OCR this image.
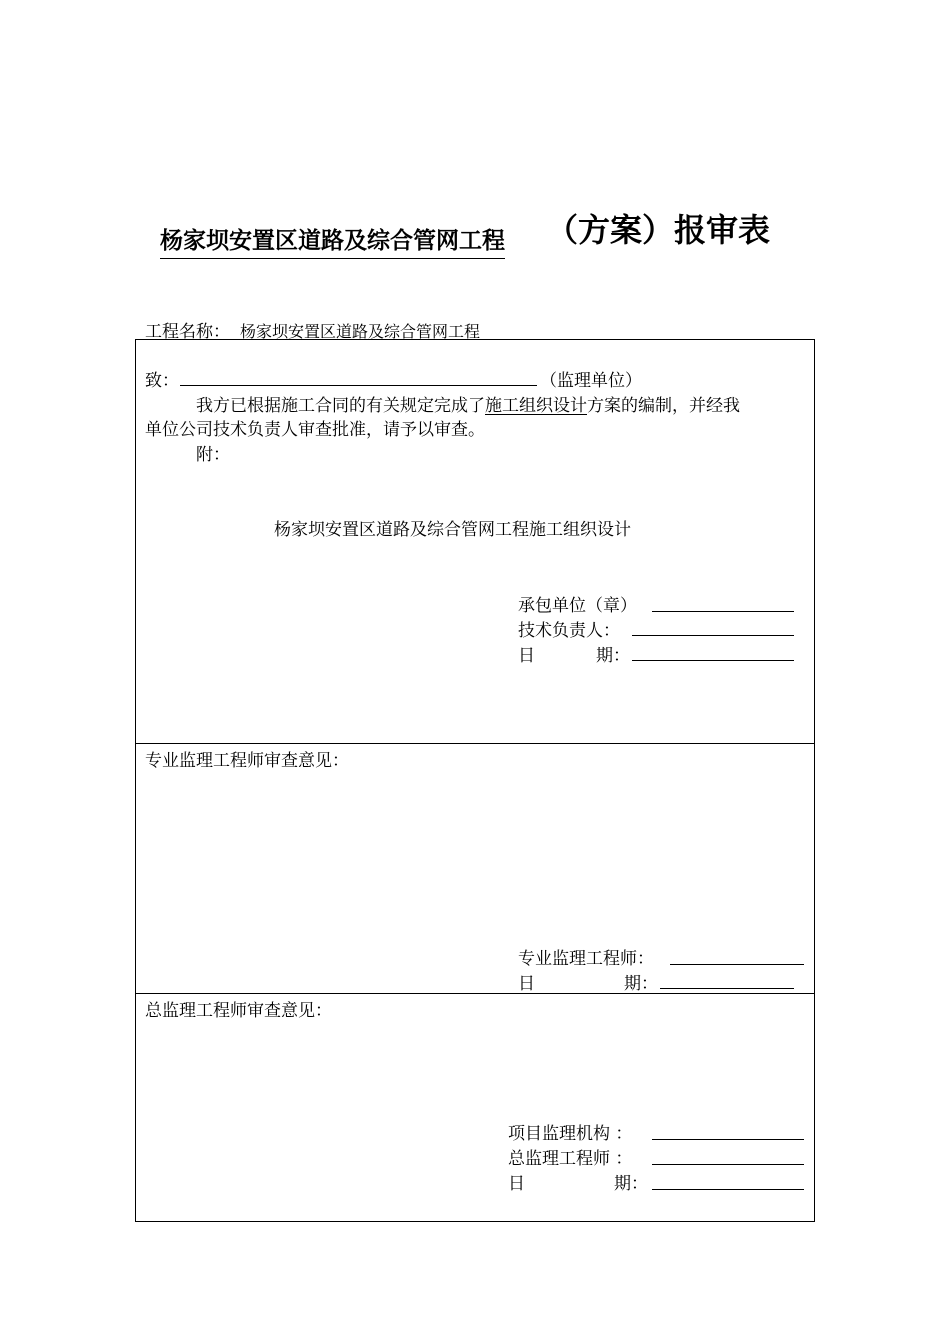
杨家坝安置区道路及综合管网工程 （方案）报审表
工程名称： 杨家坝安置区道路及综合管网工程
致：	（监理单位）
我方已根据施工合同的有关规定完成了施工组织设计方案的编制，并经我
单位公司技术负责人审查批准，请予以审查。
附：
杨家坝安置区道路及综合管网工程施工组织设计
承包单位（章）
技术负责人：
日	期：
专业监理工程师审查意见：
专业监理工程师：
日	期：
总监理工程师审查意见：
项目监理机构 ：
总监理工程师 ：
日	期：
